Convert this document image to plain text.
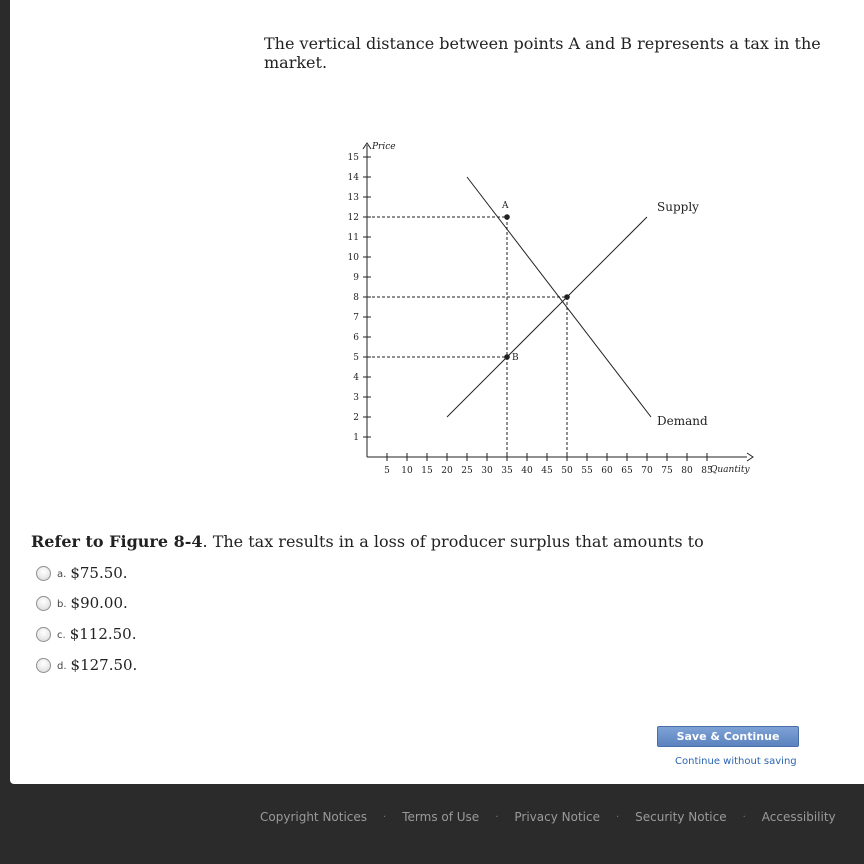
The vertical distance between points A and B represents a tax in the market.
Price
Quantity
1
2
3
4
5
6
7
8
9
10
11
12
13
14
15
5 10 15 20 25 30 35 40 45 50 55 60 65 70 75 80 85
Supply
Demand
A
B
Refer to Figure 8-4. The tax results in a loss of producer surplus that amounts to
a. $75.50.
b. $90.00.
c. $112.50.
d. $127.50.
Save & Continue
Continue without saving
Copyright Notices · Terms of Use · Privacy Notice · Security Notice · Accessibility
